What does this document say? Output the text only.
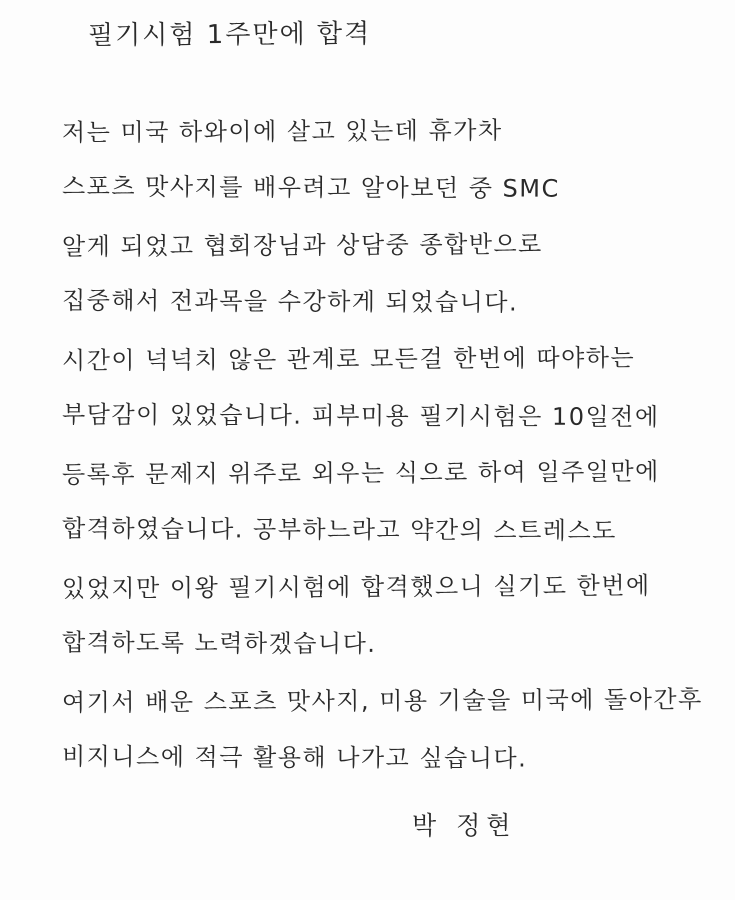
필기시험 1주만에 합격
저는 미국 하와이에 살고 있는데 휴가차
스포츠 맛사지를 배우려고 알아보던 중 SMC
알게 되었고 협회장님과 상담중 종합반으로
집중해서 전과목을 수강하게 되었습니다.
시간이 넉넉치 않은 관계로 모든걸 한번에 따야하는
부담감이 있었습니다. 피부미용 필기시험은 10일전에
등록후 문제지 위주로 외우는 식으로 하여 일주일만에
합격하였습니다. 공부하느라고 약간의 스트레스도
있었지만 이왕 필기시험에 합격했으니 실기도 한번에
합격하도록 노력하겠습니다.
여기서 배운 스포츠 맛사지, 미용 기술을 미국에 돌아간후
비지니스에 적극 활용해 나가고 싶습니다.
박 정현
